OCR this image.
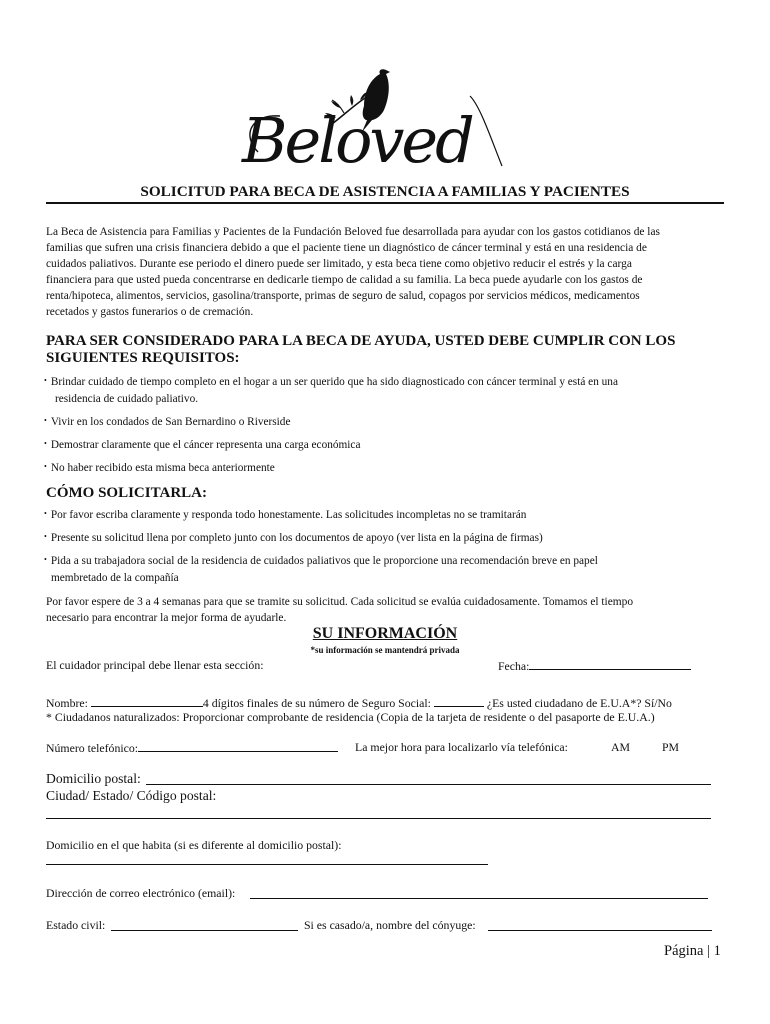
Beloved
SOLICITUD PARA BECA DE ASISTENCIA A FAMILIAS Y PACIENTES
La Beca de Asistencia para Familias y Pacientes de la Fundación Beloved fue desarrollada para ayudar con los gastos cotidianos de las
familias que sufren una crisis financiera debido a que el paciente tiene un diagnóstico de cáncer terminal y está en una residencia de
cuidados paliativos. Durante ese periodo el dinero puede ser limitado, y esta beca tiene como objetivo reducir el estrés y la carga
financiera para que usted pueda concentrarse en dedicarle tiempo de calidad a su familia. La beca puede ayudarle con los gastos de
renta/hipoteca, alimentos, servicios, gasolina/transporte, primas de seguro de salud, copagos por servicios médicos, medicamentos
recetados y gastos funerarios o de cremación.
PARA SER CONSIDERADO PARA LA BECA DE AYUDA, USTED DEBE CUMPLIR CON LOS
SIGUIENTES REQUISITOS:
• Brindar cuidado de tiempo completo en el hogar a un ser querido que ha sido diagnosticado con cáncer terminal y está en una
residencia de cuidado paliativo.
• Vivir en los condados de San Bernardino o Riverside
• Demostrar claramente que el cáncer representa una carga económica
• No haber recibido esta misma beca anteriormente
CÓMO SOLICITARLA:
• Por favor escriba claramente y responda todo honestamente. Las solicitudes incompletas no se tramitarán
• Presente su solicitud llena por completo junto con los documentos de apoyo (ver lista en la página de firmas)
• Pida a su trabajadora social de la residencia de cuidados paliativos que le proporcione una recomendación breve en papel
membretado de la compañía
Por favor espere de 3 a 4 semanas para que se tramite su solicitud. Cada solicitud se evalúa cuidadosamente. Tomamos el tiempo
necesario para encontrar la mejor forma de ayudarle.
SU INFORMACIÓN
*su información se mantendrá privada
El cuidador principal debe llenar esta sección:	Fecha:
Nombre:	4 dígitos finales de su número de Seguro Social:	¿Es usted ciudadano de E.U.A*? Sí/No
* Ciudadanos naturalizados: Proporcionar comprobante de residencia (Copia de la tarjeta de residente o del pasaporte de E.U.A.)
Número telefónico:	La mejor hora para localizarlo vía telefónica:	AM	PM
Domicilio postal:
Ciudad/ Estado/ Código postal:
Domicilio en el que habita (si es diferente al domicilio postal):
Dirección de correo electrónico (email):
Estado civil:	Si es casado/a, nombre del cónyuge:
Página | 1
